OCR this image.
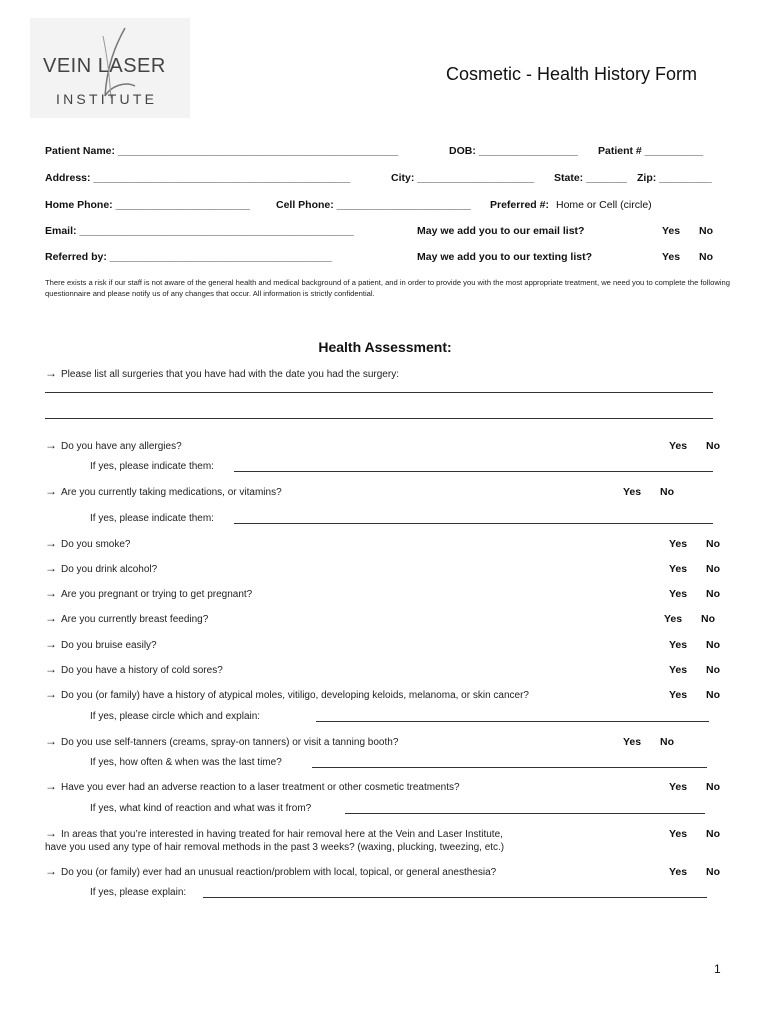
VEIN LASER
INSTITUTE
Cosmetic - Health History Form
Patient Name: ________________________________________________	DOB: _________________ Patient # __________
Address: ____________________________________________	City: ____________________ State: _______ Zip: _________
Home Phone: _______________________ Cell Phone: _______________________ Preferred #: Home or Cell (circle)
Email: _______________________________________________	May we add you to our email list?	Yes No
Referred by: ______________________________________	May we add you to our texting list?	Yes No
There exists a risk if our staff is not aware of the general health and medical background of a patient, and in order to provide you with the most appropriate treatment, we need you to complete the following questionnaire and please notify us of any changes that occur. All information is strictly confidential.
Health Assessment:
→ Please list all surgeries that you have had with the date you had the surgery:
→ Do you have any allergies?	Yes No
If yes, please indicate them:
→ Are you currently taking medications, or vitamins?	Yes No
If yes, please indicate them:
→ Do you smoke?	Yes No
→ Do you drink alcohol?	Yes No
→ Are you pregnant or trying to get pregnant?	Yes No
→ Are you currently breast feeding?	Yes No
→ Do you bruise easily?	Yes No
→ Do you have a history of cold sores?	Yes No
→ Do you (or family) have a history of atypical moles, vitiligo, developing keloids, melanoma, or skin cancer?	Yes No
If yes, please circle which and explain:
→ Do you use self-tanners (creams, spray-on tanners) or visit a tanning booth?	Yes No
If yes, how often & when was the last time?
→ Have you ever had an adverse reaction to a laser treatment or other cosmetic treatments?	Yes No
If yes, what kind of reaction and what was it from?
→ In areas that you’re interested in having treated for hair removal here at the Vein and Laser Institute,
have you used any type of hair removal methods in the past 3 weeks? (waxing, plucking, tweezing, etc.)
Yes No
→ Do you (or family) ever had an unusual reaction/problem with local, topical, or general anesthesia?	Yes No
If yes, please explain:
1
